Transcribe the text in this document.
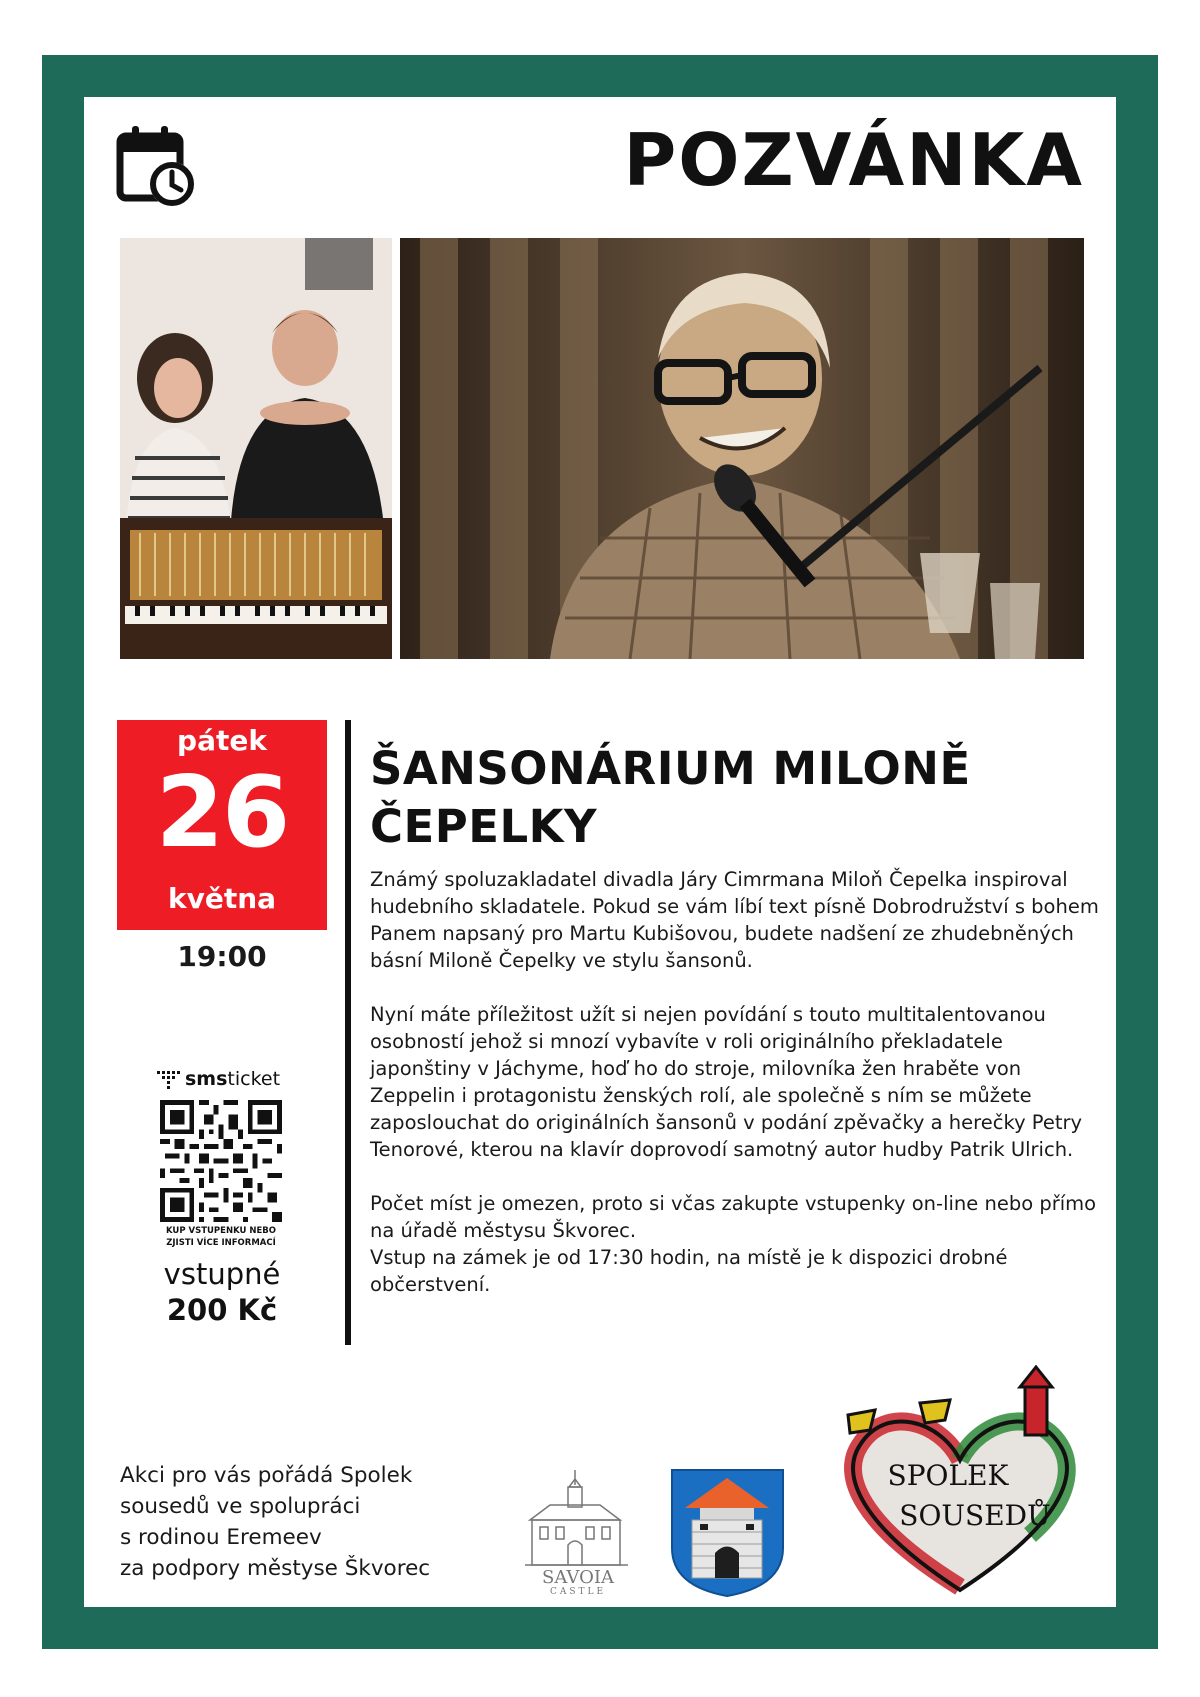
POZVÁNKA
pátek
26
května
19:00
ŠANSONÁRIUM MILONĚ
ČEPELKY

Známý spoluzakladatel divadla Járy Cimrmana Miloň Čepelka inspiroval hudebního skladatele. Pokud se vám líbí text písně Dobrodružství s bohem Panem napsaný pro Martu Kubišovou, budete nadšení ze zhudebněných básní Miloně Čepelky ve stylu šansonů.

Nyní máte příležitost užít si nejen povídání s touto multitalentovanou osobností jehož si mnozí vybavíte v roli originálního překladatele japonštiny v Jáchyme, hoď ho do stroje, milovníka žen hraběte von Zeppelin i protagonistu ženských rolí, ale společně s ním se můžete zaposlouchat do originálních šansonů v podání zpěvačky a herečky Petry Tenorové, kterou na klavír doprovodí samotný autor hudby Patrik Ulrich.

Počet míst je omezen, proto si včas zakupte vstupenky on-line nebo přímo na úřadě městysu Škvorec.

Vstup na zámek je od 17:30 hodin, na místě je k dispozici drobné občerstvení.

smsticket
KUP VSTUPENKU NEBO
ZJISTI VÍCE INFORMACÍ
vstupné
200 Kč
Akci pro vás pořádá Spolek
sousedů ve spolupráci
s rodinou Eremeev
za podpory městyse Škvorec	SAVOIA
CASTLE
SPOLEK
SOUSEDŮ
